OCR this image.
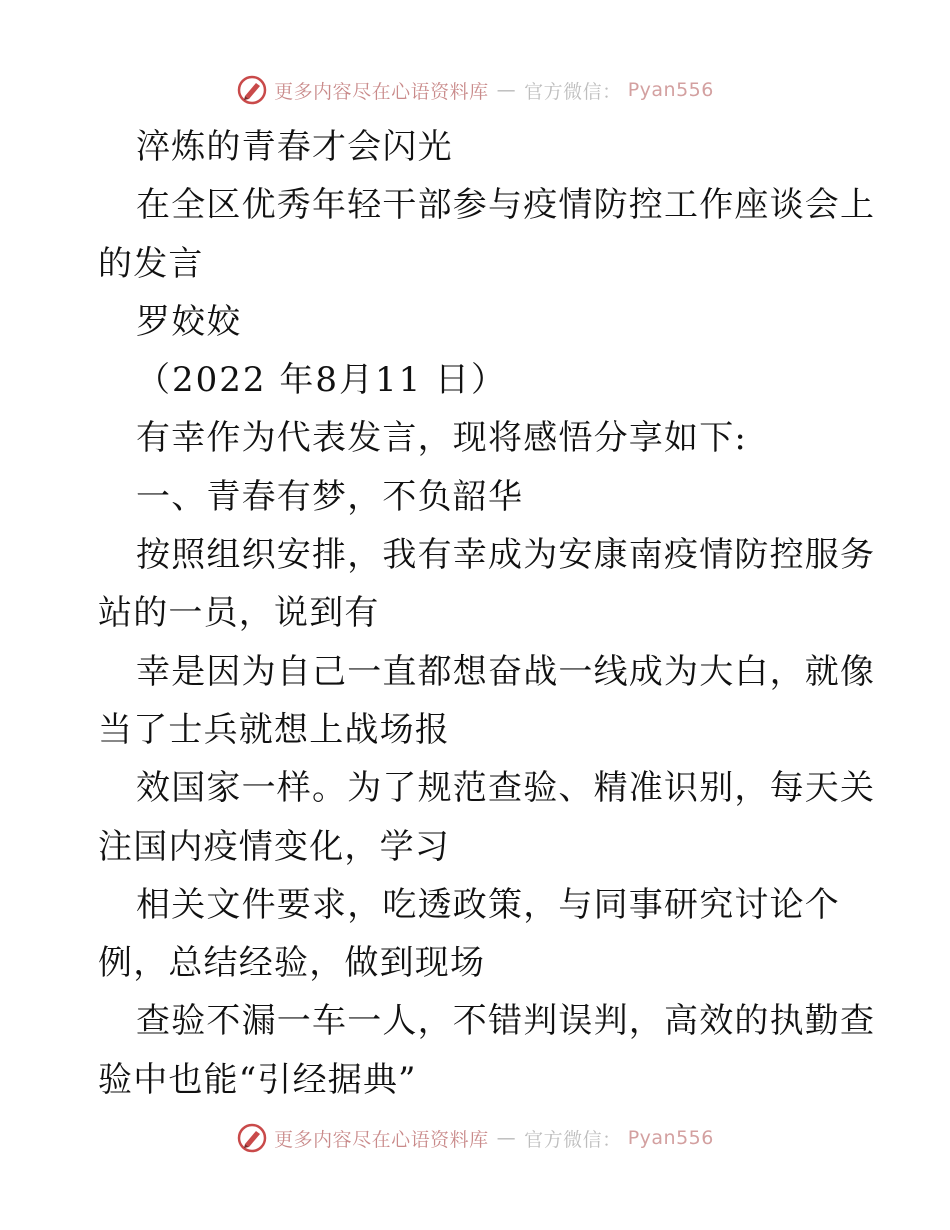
更多内容尽在心语资料库 — 官方微信： Pyan556
淬炼的青春才会闪光
在全区优秀年轻干部参与疫情防控工作座谈会上
的发言
罗姣姣
（2022 年8月11 日）
有幸作为代表发言，现将感悟分享如下:
一、青春有梦，不负韶华
按照组织安排，我有幸成为安康南疫情防控服务
站的一员，说到有
幸是因为自己一直都想奋战一线成为大白，就像
当了士兵就想上战场报
效国家一样。为了规范查验、精准识别，每天关
注国内疫情变化，学习
相关文件要求，吃透政策，与同事研究讨论个
例，总结经验，做到现场
查验不漏一车一人，不错判误判，高效的执勤查
验中也能“引经据典”
更多内容尽在心语资料库 — 官方微信： Pyan556
